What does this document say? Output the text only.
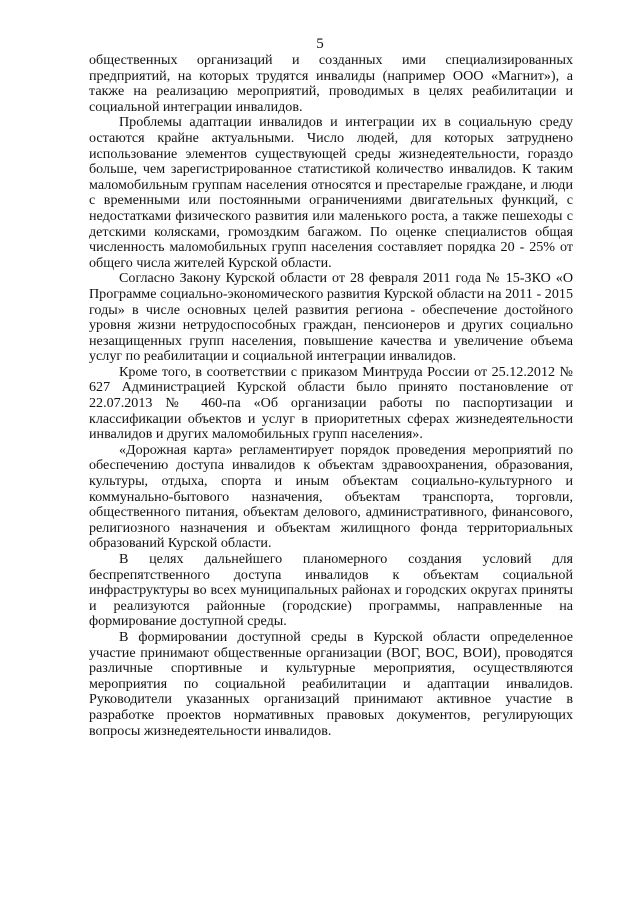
5

общественных организаций и созданных ими специализированных предприятий, на которых трудятся инвалиды (например ООО «Магнит»), а также на реализацию мероприятий, проводимых в целях реабилитации и социальной интеграции инвалидов.

Проблемы адаптации инвалидов и интеграции их в социальную среду остаются крайне актуальными. Число людей, для которых затруднено использование элементов существующей среды жизнедеятельности, гораздо больше, чем зарегистрированное статистикой количество инвалидов. К таким маломобильным группам населения относятся и престарелые граждане, и люди с временными или постоянными ограничениями двигательных функций, с недостатками физического развития или маленького роста, а также пешеходы с детскими колясками, громоздким багажом. По оценке специалистов общая численность маломобильных групп населения составляет порядка 20 - 25% от общего числа жителей Курской области.

Согласно Закону Курской области от 28 февраля 2011 года № 15-ЗКО «О Программе социально-экономического развития Курской области на 2011 - 2015 годы» в числе основных целей развития региона - обеспечение достойного уровня жизни нетрудоспособных граждан, пенсионеров и других социально незащищенных групп населения, повышение качества и увеличение объема услуг по реабилитации и социальной интеграции инвалидов.

Кроме того, в соответствии с приказом Минтруда России от 25.12.2012 № 627 Администрацией Курской области было принято постановление от 22.07.2013 № 460-па «Об организации работы по паспортизации и классификации объектов и услуг в приоритетных сферах жизнедеятельности инвалидов и других маломобильных групп населения».

«Дорожная карта» регламентирует порядок проведения мероприятий по обеспечению доступа инвалидов к объектам здравоохранения, образования, культуры, отдыха, спорта и иным объектам социально-культурного и коммунально-бытового назначения, объектам транспорта, торговли, общественного питания, объектам делового, административного, финансового, религиозного назначения и объектам жилищного фонда территориальных образований Курской области.

В целях дальнейшего планомерного создания условий для беспрепятственного доступа инвалидов к объектам социальной инфраструктуры во всех муниципальных районах и городских округах приняты и реализуются районные (городские) программы, направленные на формирование доступной среды.

В формировании доступной среды в Курской области определенное участие принимают общественные организации (ВОГ, ВОС, ВОИ), проводятся различные спортивные и культурные мероприятия, осуществляются мероприятия по социальной реабилитации и адаптации инвалидов. Руководители указанных организаций принимают активное участие в разработке проектов нормативных правовых документов, регулирующих вопросы жизнедеятельности инвалидов.
